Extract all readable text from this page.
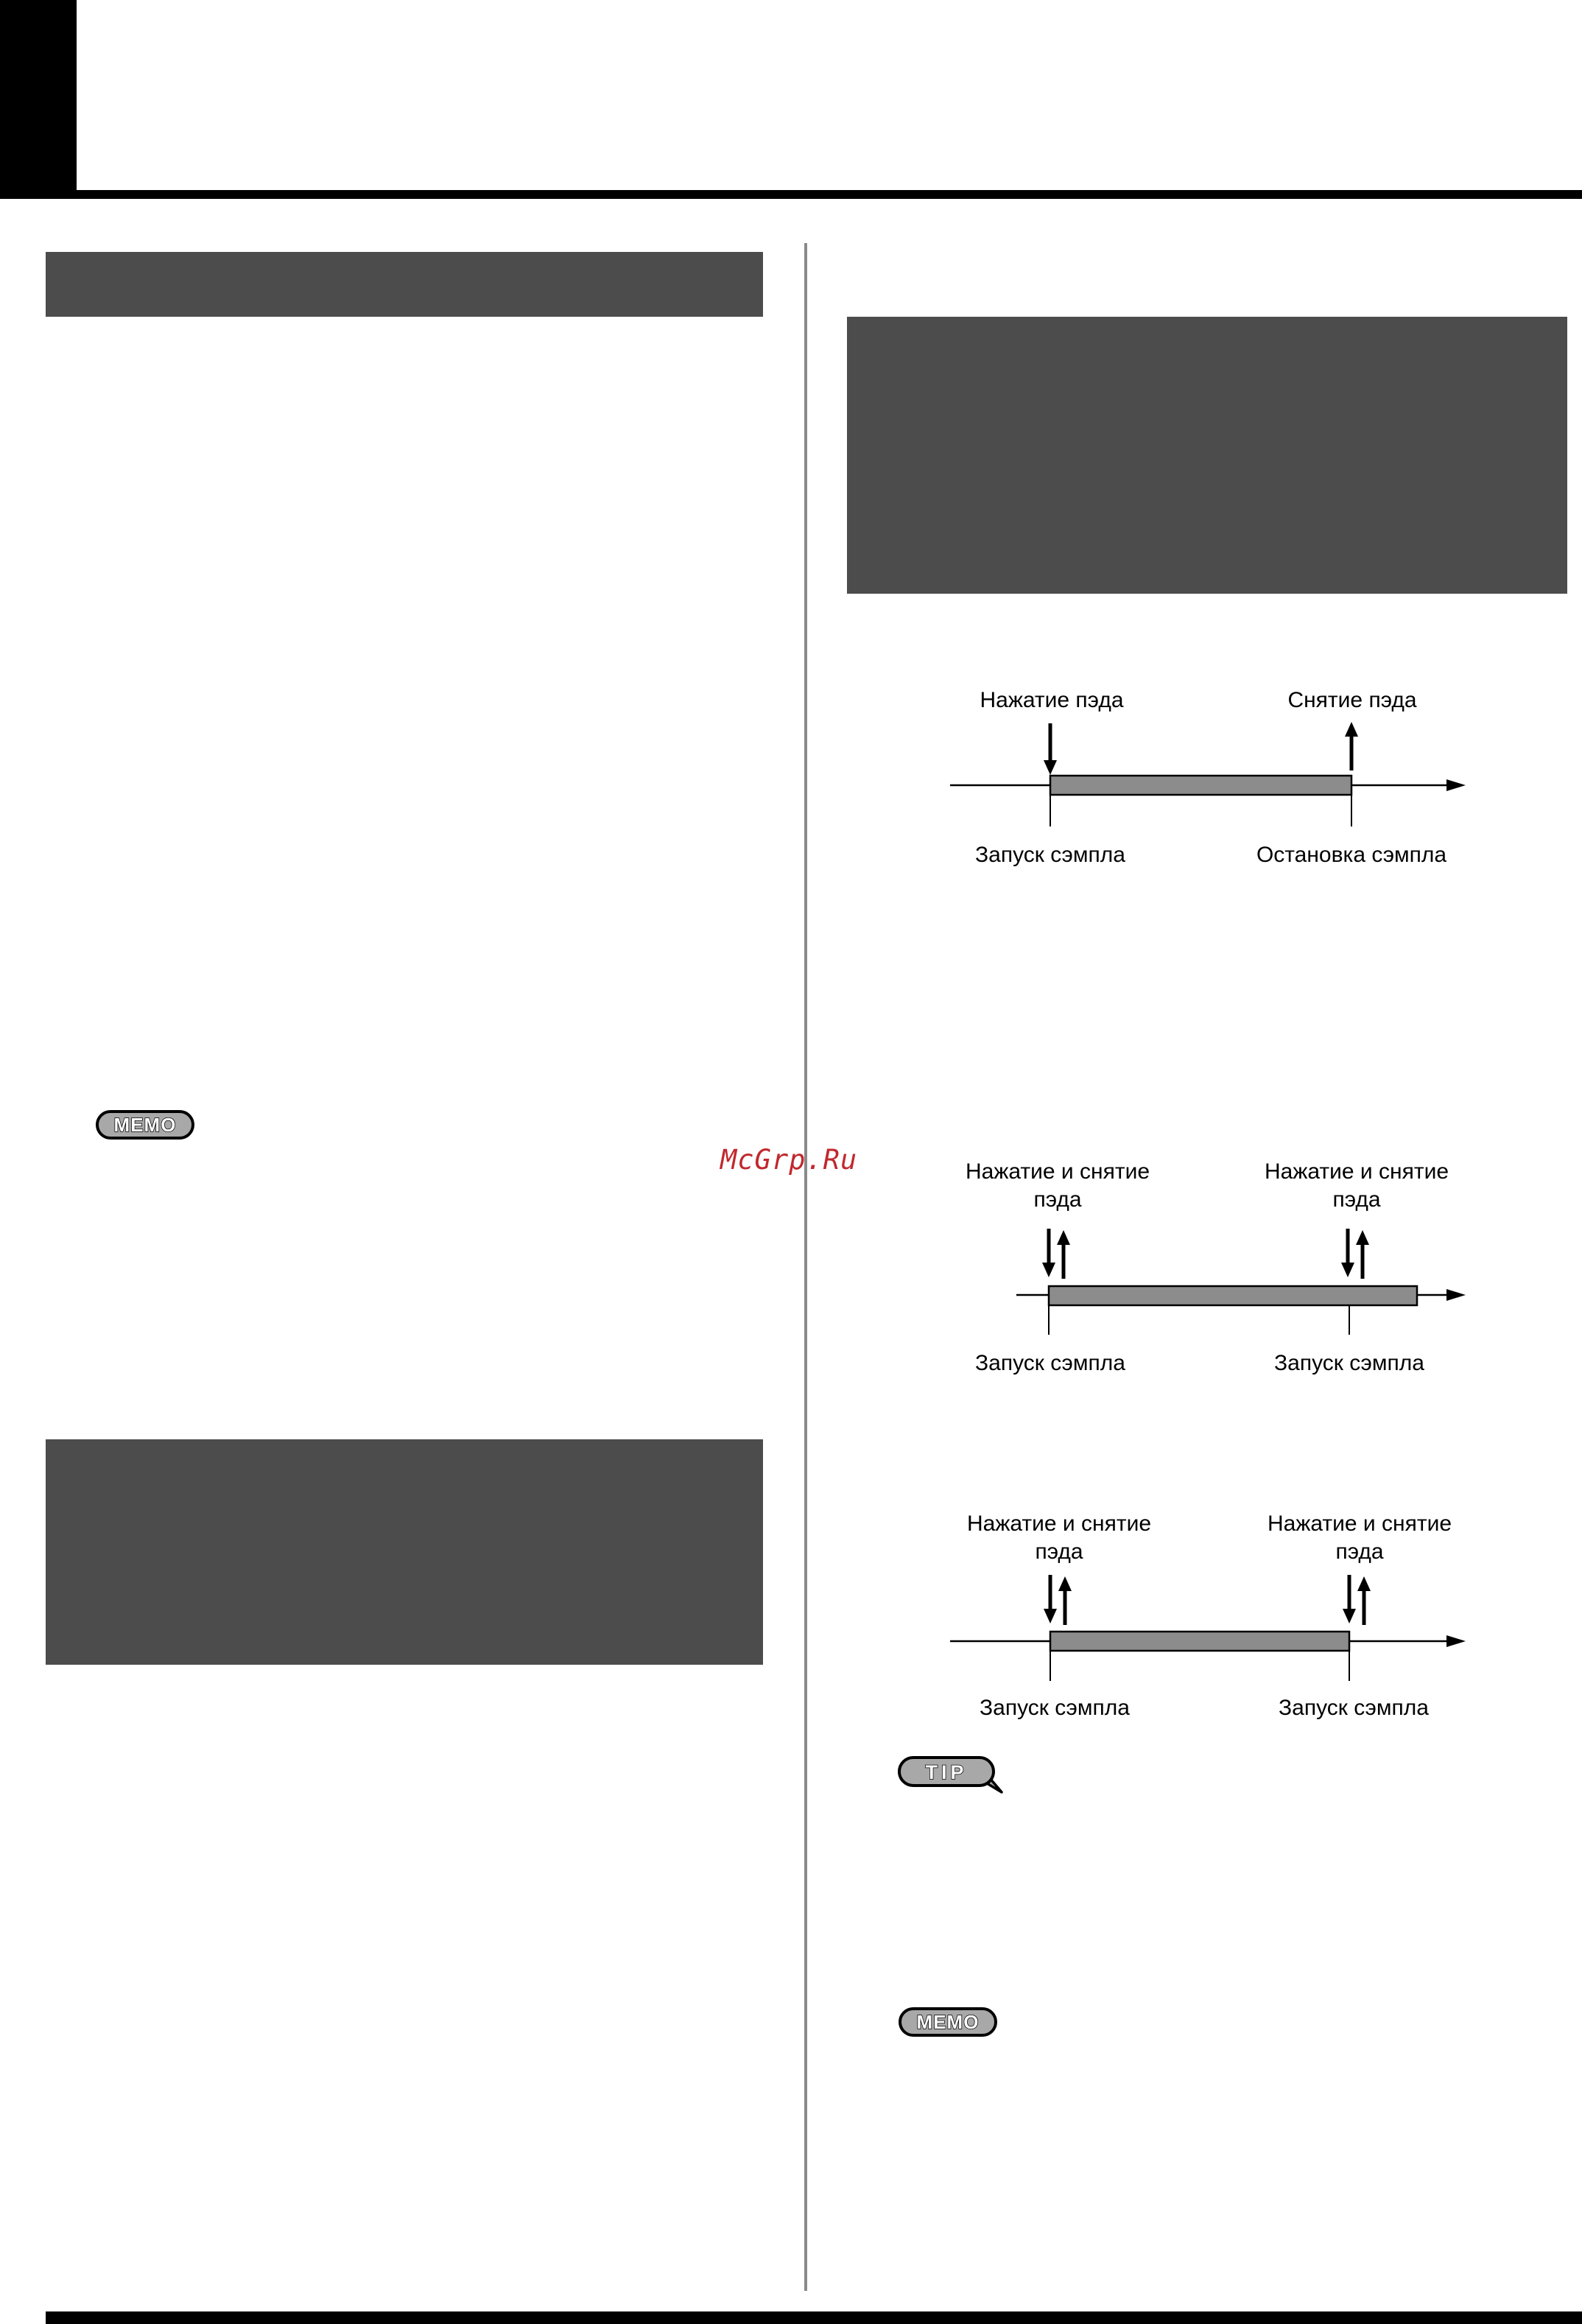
MEMO
McGrp.Ru
Нажатие пэда	Снятие пэда
Запуск сэмпла	Остановка сэмпла
Нажатие и снятие
пэда
Нажатие и снятие
пэда
Запуск сэмпла	Запуск сэмпла
Нажатие и снятие
пэда
Нажатие и снятие
пэда
Запуск сэмпла	Запуск сэмпла
TIP
MEMO
